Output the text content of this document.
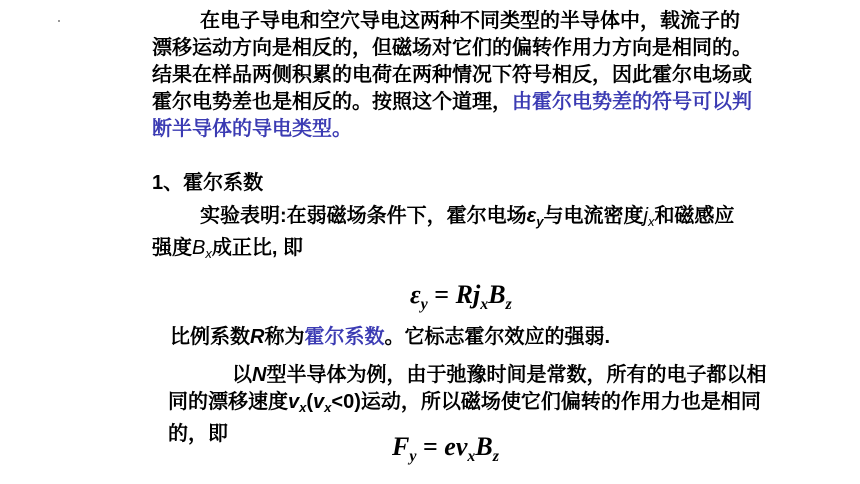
在电子导电和空穴导电这两种不同类型的半导体中，载流子的漂移运动方向是相反的，但磁场对它们的偏转作用力方向是相同的。结果在样品两侧积累的电荷在两种情况下符号相反，因此霍尔电场或霍尔电势差也是相反的。按照这个道理，由霍尔电势差的符号可以判断半导体的导电类型。
1、霍尔系数
实验表明:在弱磁场条件下，霍尔电场$\varepsilon_y$与电流密度$j_x$和磁感应强度$B_x$成正比, 即
$\varepsilon_y = Rj_xB_z$
比例系数R称为霍尔系数。它标志霍尔效应的强弱.
以N型半导体为例，由于弛豫时间是常数，所有的电子都以相同的漂移速度$v_x(v_x<0)$运动，所以磁场使它们偏转的作用力也是相同的，即	$F_y = ev_xB_z$
